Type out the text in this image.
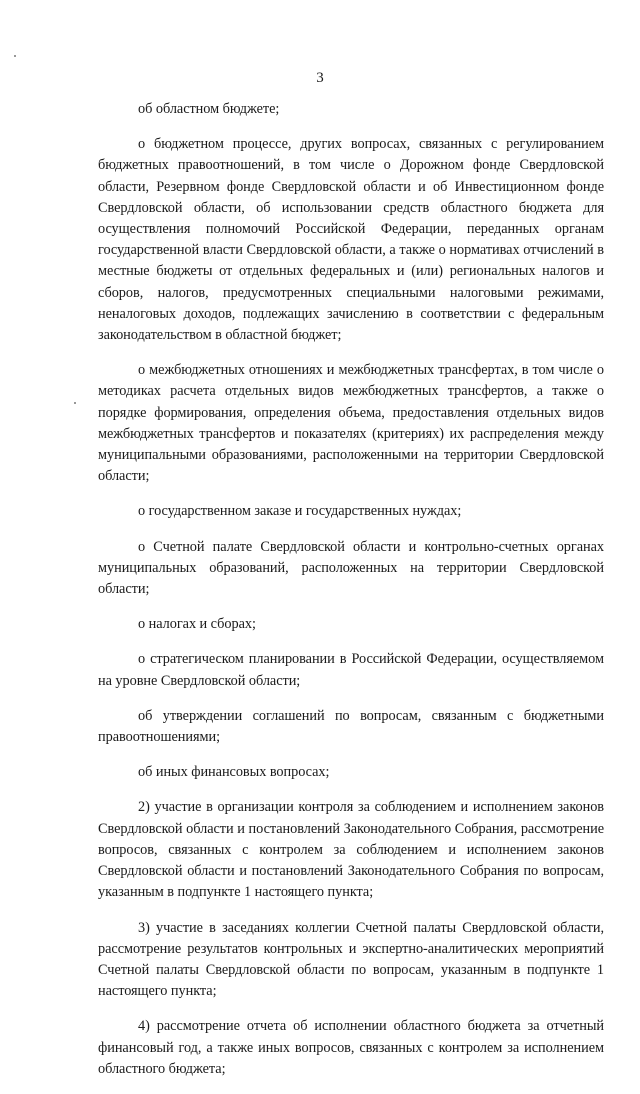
3

об областном бюджете;

о бюджетном процессе, других вопросах, связанных с регулированием бюджетных правоотношений, в том числе о Дорожном фонде Свердловской области, Резервном фонде Свердловской области и об Инвестиционном фонде Свердловской области, об использовании средств областного бюджета для осуществления полномочий Российской Федерации, переданных органам государственной власти Свердловской области, а также о нормативах отчислений в местные бюджеты от отдельных федеральных и (или) региональных налогов и сборов, налогов, предусмотренных специальными налоговыми режимами, неналоговых доходов, подлежащих зачислению в соответствии с федеральным законодательством в областной бюджет;

о межбюджетных отношениях и межбюджетных трансфертах, в том числе о методиках расчета отдельных видов межбюджетных трансфертов, а также о порядке формирования, определения объема, предоставления отдельных видов межбюджетных трансфертов и показателях (критериях) их распределения между муниципальными образованиями, расположенными на территории Свердловской области;

о государственном заказе и государственных нуждах;

о Счетной палате Свердловской области и контрольно-счетных органах муниципальных образований, расположенных на территории Свердловской области;

о налогах и сборах;

о стратегическом планировании в Российской Федерации, осуществляемом на уровне Свердловской области;

об утверждении соглашений по вопросам, связанным с бюджетными правоотношениями;

об иных финансовых вопросах;

2) участие в организации контроля за соблюдением и исполнением законов Свердловской области и постановлений Законодательного Собрания, рассмотрение вопросов, связанных с контролем за соблюдением и исполнением законов Свердловской области и постановлений Законодательного Собрания по вопросам, указанным в подпункте 1 настоящего пункта;

3) участие в заседаниях коллегии Счетной палаты Свердловской области, рассмотрение результатов контрольных и экспертно-аналитических мероприятий Счетной палаты Свердловской области по вопросам, указанным в подпункте 1 настоящего пункта;

4) рассмотрение отчета об исполнении областного бюджета за отчетный финансовый год, а также иных вопросов, связанных с контролем за исполнением областного бюджета;
